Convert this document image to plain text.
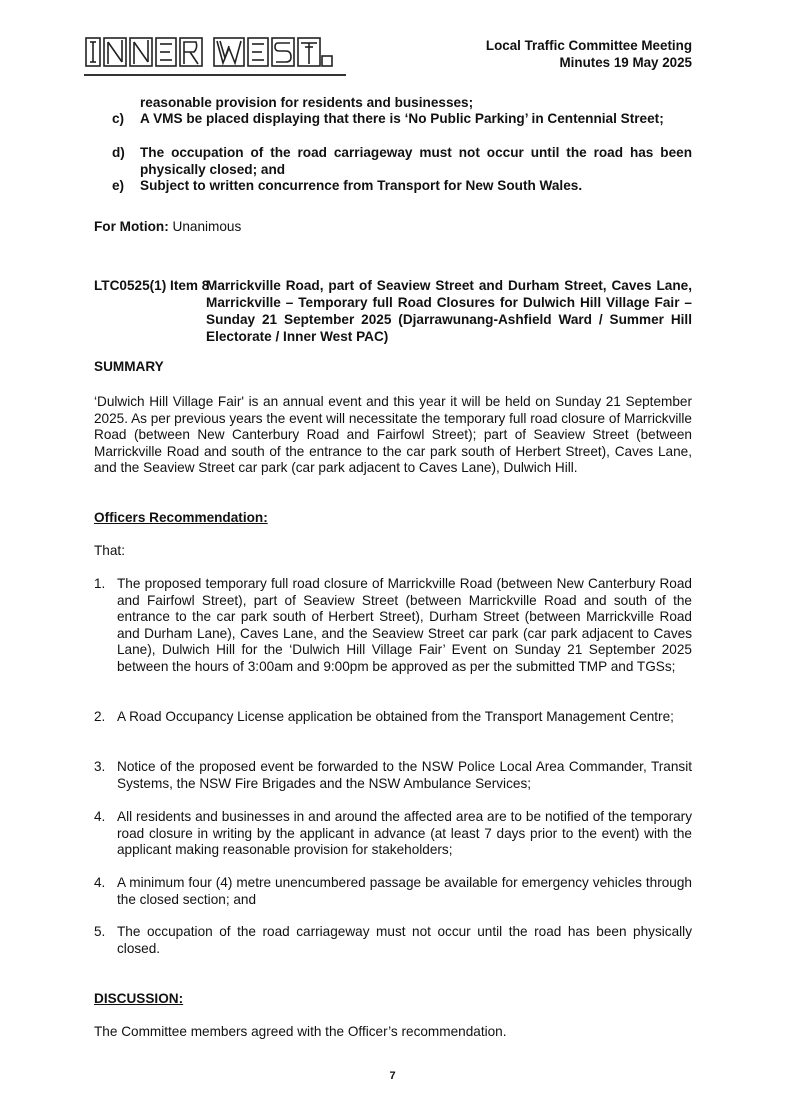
Local Traffic Committee Meeting
Minutes 19 May 2025
reasonable provision for residents and businesses;
c) A VMS be placed displaying that there is ‘No Public Parking’ in Centennial Street;
d) The occupation of the road carriageway must not occur until the road has been physically closed; and
e) Subject to written concurrence from Transport for New South Wales.
For Motion: Unanimous
LTC0525(1) Item 8
Marrickville Road, part of Seaview Street and Durham Street, Caves Lane, Marrickville – Temporary full Road Closures for Dulwich Hill Village Fair – Sunday 21 September 2025 (Djarrawunang-Ashfield Ward / Summer Hill Electorate / Inner West PAC)
SUMMARY
‘Dulwich Hill Village Fair' is an annual event and this year it will be held on Sunday 21 September 2025. As per previous years the event will necessitate the temporary full road closure of Marrickville Road (between New Canterbury Road and Fairfowl Street); part of Seaview Street (between Marrickville Road and south of the entrance to the car park south of Herbert Street), Caves Lane, and the Seaview Street car park (car park adjacent to Caves Lane), Dulwich Hill.
Officers Recommendation:
That:
1. The proposed temporary full road closure of Marrickville Road (between New Canterbury Road and Fairfowl Street), part of Seaview Street (between Marrickville Road and south of the entrance to the car park south of Herbert Street), Durham Street (between Marrickville Road and Durham Lane), Caves Lane, and the Seaview Street car park (car park adjacent to Caves Lane), Dulwich Hill for the ‘Dulwich Hill Village Fair’ Event on Sunday 21 September 2025 between the hours of 3:00am and 9:00pm be approved as per the submitted TMP and TGSs;
2. A Road Occupancy License application be obtained from the Transport Management Centre;
3. Notice of the proposed event be forwarded to the NSW Police Local Area Commander, Transit Systems, the NSW Fire Brigades and the NSW Ambulance Services;
4. All residents and businesses in and around the affected area are to be notified of the temporary road closure in writing by the applicant in advance (at least 7 days prior to the event) with the applicant making reasonable provision for stakeholders;
4. A minimum four (4) metre unencumbered passage be available for emergency vehicles through the closed section; and
5. The occupation of the road carriageway must not occur until the road has been physically closed.
DISCUSSION:
The Committee members agreed with the Officer’s recommendation.
7
